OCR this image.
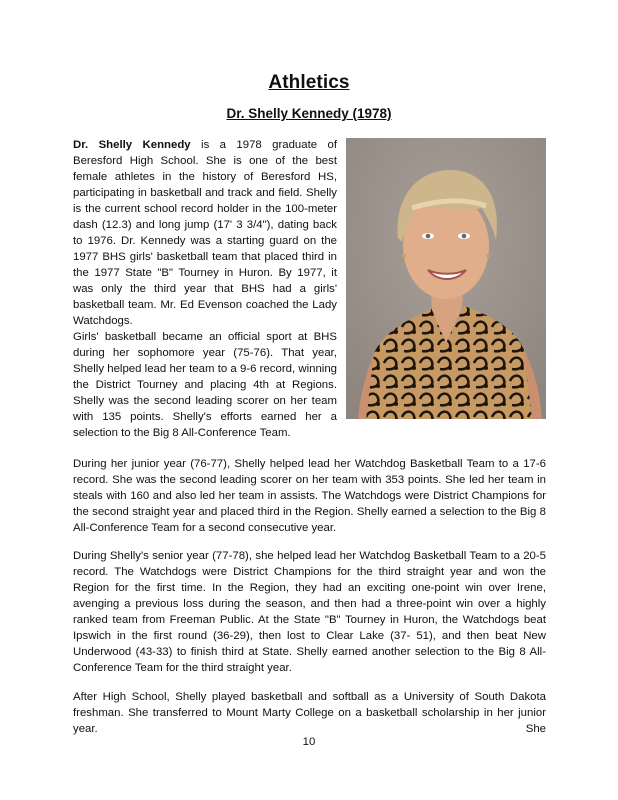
Athletics
Dr. Shelly Kennedy (1978)

Dr. Shelly Kennedy is a 1978 graduate of Beresford High School. She is one of the best female athletes in the history of Beresford HS, participating in basketball and track and field. Shelly is the current school record holder in the 100-meter dash (12.3) and long jump (17' 3 3/4"), dating back to 1976. Dr. Kennedy was a starting guard on the 1977 BHS girls' basketball team that placed third in the 1977 State "B" Tourney in Huron. By 1977, it was only the third year that BHS had a girls' basketball team. Mr. Ed Evenson coached the Lady Watchdogs.

Girls' basketball became an official sport at BHS during her sophomore year (75-76). That year, Shelly helped lead her team to a 9-6 record, winning the District Tourney and placing 4th at Regions. Shelly was the second leading scorer on her team with 135 points. Shelly's efforts earned her a selection to the Big 8 All-Conference Team.

During her junior year (76-77), Shelly helped lead her Watchdog Basketball Team to a 17-6 record. She was the second leading scorer on her team with 353 points. She led her team in steals with 160 and also led her team in assists. The Watchdogs were District Champions for the second straight year and placed third in the Region. Shelly earned a selection to the Big 8 All-Conference Team for a second consecutive year.

During Shelly's senior year (77-78), she helped lead her Watchdog Basketball Team to a 20-5 record. The Watchdogs were District Champions for the third straight year and won the Region for the first time. In the Region, they had an exciting one-point win over Irene, avenging a previous loss during the season, and then had a three-point win over a highly ranked team from Freeman Public. At the State "B" Tourney in Huron, the Watchdogs beat Ipswich in the first round (36-29), then lost to Clear Lake (37- 51), and then beat New Underwood (43-33) to finish third at State. Shelly earned another selection to the Big 8 All-Conference Team for the third straight year.

After High School, Shelly played basketball and softball as a University of South Dakota freshman. She transferred to Mount Marty College on a basketball scholarship in her junior year. She

10
